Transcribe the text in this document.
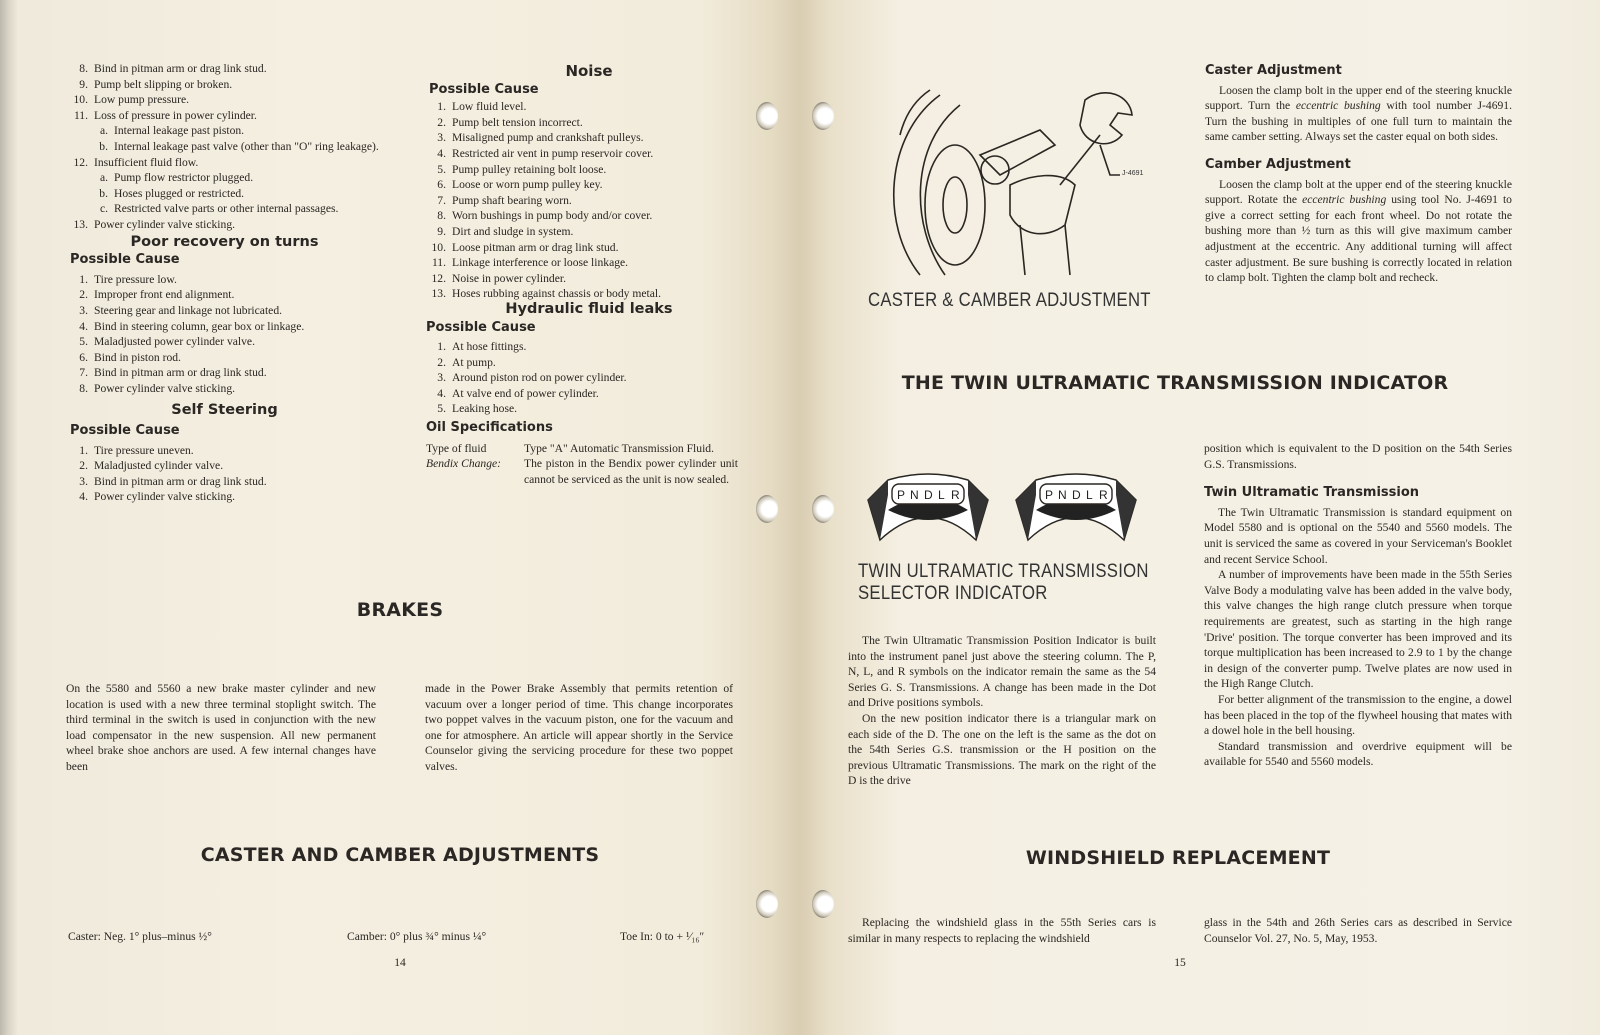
8. Bind in pitman arm or drag link stud.
9. Pump belt slipping or broken.
10. Low pump pressure.
11. Loss of pressure in power cylinder.
a. Internal leakage past piston.
b. Internal leakage past valve (other than "O" ring leakage).
12. Insufficient fluid flow.
a. Pump flow restrictor plugged.
b. Hoses plugged or restricted.
c. Restricted valve parts or other internal passages.
13. Power cylinder valve sticking.
Poor recovery on turns
Possible Cause
1. Tire pressure low.
2. Improper front end alignment.
3. Steering gear and linkage not lubricated.
4. Bind in steering column, gear box or linkage.
5. Maladjusted power cylinder valve.
6. Bind in piston rod.
7. Bind in pitman arm or drag link stud.
8. Power cylinder valve sticking.
Self Steering
Possible Cause
1. Tire pressure uneven.
2. Maladjusted cylinder valve.
3. Bind in pitman arm or drag link stud.
4. Power cylinder valve sticking.
Noise
Possible Cause
1. Low fluid level.
2. Pump belt tension incorrect.
3. Misaligned pump and crankshaft pulleys.
4. Restricted air vent in pump reservoir cover.
5. Pump pulley retaining bolt loose.
6. Loose or worn pump pulley key.
7. Pump shaft bearing worn.
8. Worn bushings in pump body and/or cover.
9. Dirt and sludge in system.
10. Loose pitman arm or drag link stud.
11. Linkage interference or loose linkage.
12. Noise in power cylinder.
13. Hoses rubbing against chassis or body metal.
Hydraulic fluid leaks
Possible Cause
1. At hose fittings.
2. At pump.
3. Around piston rod on power cylinder.
4. At valve end of power cylinder.
5. Leaking hose.
Oil Specifications
Type of fluid	Type "A" Automatic Transmission Fluid.
Bendix Change:	The piston in the Bendix power cylinder unit cannot be serviced as the unit is now sealed.
BRAKES
On the 5580 and 5560 a new brake master cylinder and new location is used with a new three terminal stoplight switch. The third terminal in the switch is used in conjunction with the new load compensator in the new suspension. All new permanent wheel brake shoe anchors are used. A few internal changes have been
made in the Power Brake Assembly that permits retention of vacuum over a longer period of time. This change incorporates two poppet valves in the vacuum piston, one for the vacuum and one for atmosphere. An article will appear shortly in the Service Counselor giving the servicing procedure for these two poppet valves.
CASTER AND CAMBER ADJUSTMENTS
Caster: Neg. 1° plus–minus ½°	Camber: 0° plus ¾° minus ¼°	Toe In: 0 to + ¹⁄₁₆″
14
J-4691
CASTER & CAMBER ADJUSTMENT
Caster Adjustment
Loosen the clamp bolt in the upper end of the steering knuckle support. Turn the eccentric bushing with tool number J-4691. Turn the bushing in multiples of one full turn to maintain the same camber setting. Always set the caster equal on both sides.
Camber Adjustment
Loosen the clamp bolt at the upper end of the steering knuckle support. Rotate the eccentric bushing using tool No. J-4691 to give a correct setting for each front wheel. Do not rotate the bushing more than ½ turn as this will give maximum camber adjustment at the eccentric. Any additional turning will affect caster adjustment. Be sure bushing is correctly located in relation to clamp bolt. Tighten the clamp bolt and recheck.
THE TWIN ULTRAMATIC TRANSMISSION INDICATOR
P N D L R	P N D L R
TWIN ULTRAMATIC TRANSMISSION
SELECTOR INDICATOR
The Twin Ultramatic Transmission Position Indicator is built into the instrument panel just above the steering column. The P, N, L, and R symbols on the indicator remain the same as the 54 Series G. S. Transmissions. A change has been made in the Dot and Drive positions symbols.
On the new position indicator there is a triangular mark on each side of the D. The one on the left is the same as the dot on the 54th Series G.S. transmission or the H position on the previous Ultramatic Transmissions. The mark on the right of the D is the drive
position which is equivalent to the D position on the 54th Series G.S. Transmissions.
Twin Ultramatic Transmission
The Twin Ultramatic Transmission is standard equipment on Model 5580 and is optional on the 5540 and 5560 models. The unit is serviced the same as covered in your Serviceman's Booklet and recent Service School.
A number of improvements have been made in the 55th Series Valve Body a modulating valve has been added in the valve body, this valve changes the high range clutch pressure when torque requirements are greatest, such as starting in the high range 'Drive' position. The torque converter has been improved and its torque multiplication has been increased to 2.9 to 1 by the change in design of the converter pump. Twelve plates are now used in the High Range Clutch.
For better alignment of the transmission to the engine, a dowel has been placed in the top of the flywheel housing that mates with a dowel hole in the bell housing.
Standard transmission and overdrive equipment will be available for 5540 and 5560 models.
WINDSHIELD REPLACEMENT
Replacing the windshield glass in the 55th Series cars is similar in many respects to replacing the windshield
glass in the 54th and 26th Series cars as described in Service Counselor Vol. 27, No. 5, May, 1953.
15
